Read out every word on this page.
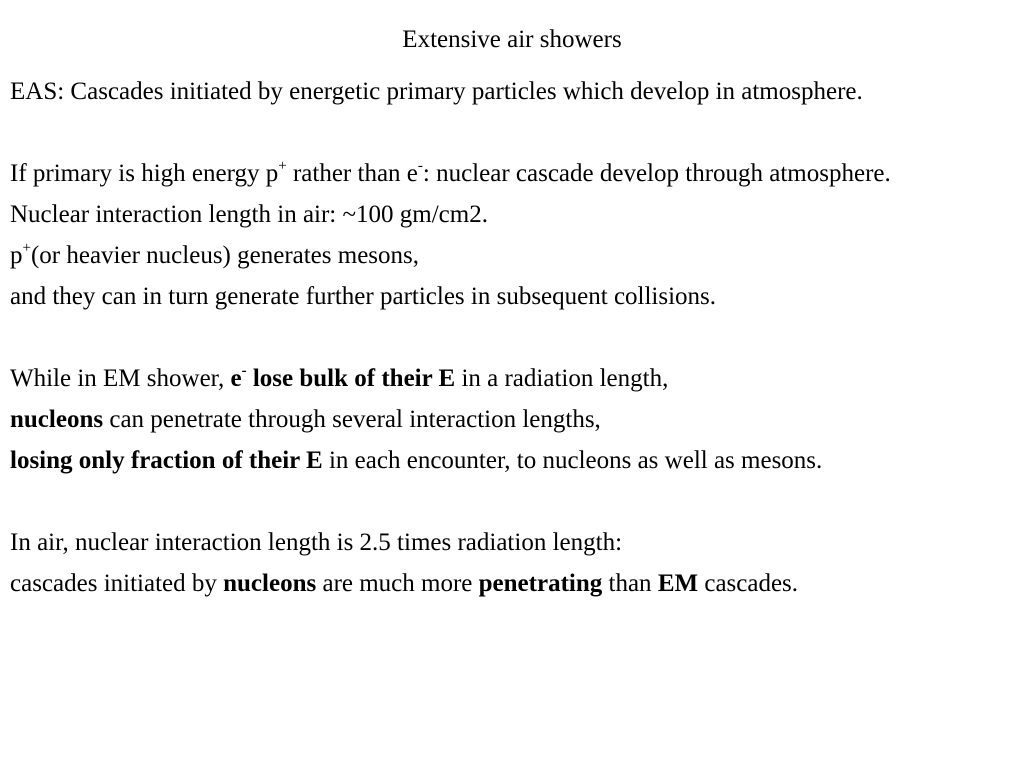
Extensive air showers
EAS: Cascades initiated by energetic primary particles which develop in atmosphere.
If primary is high energy p+ rather than e-: nuclear cascade develop through atmosphere.
Nuclear interaction length in air: ~100 gm/cm2.
p+(or heavier nucleus) generates mesons,
and they can in turn generate further particles in subsequent collisions.
While in EM shower, e- lose bulk of their E in a radiation length,
nucleons can penetrate through several interaction lengths,
losing only fraction of their E in each encounter, to nucleons as well as mesons.
In air, nuclear interaction length is 2.5 times radiation length:
cascades initiated by nucleons are much more penetrating than EM cascades.
